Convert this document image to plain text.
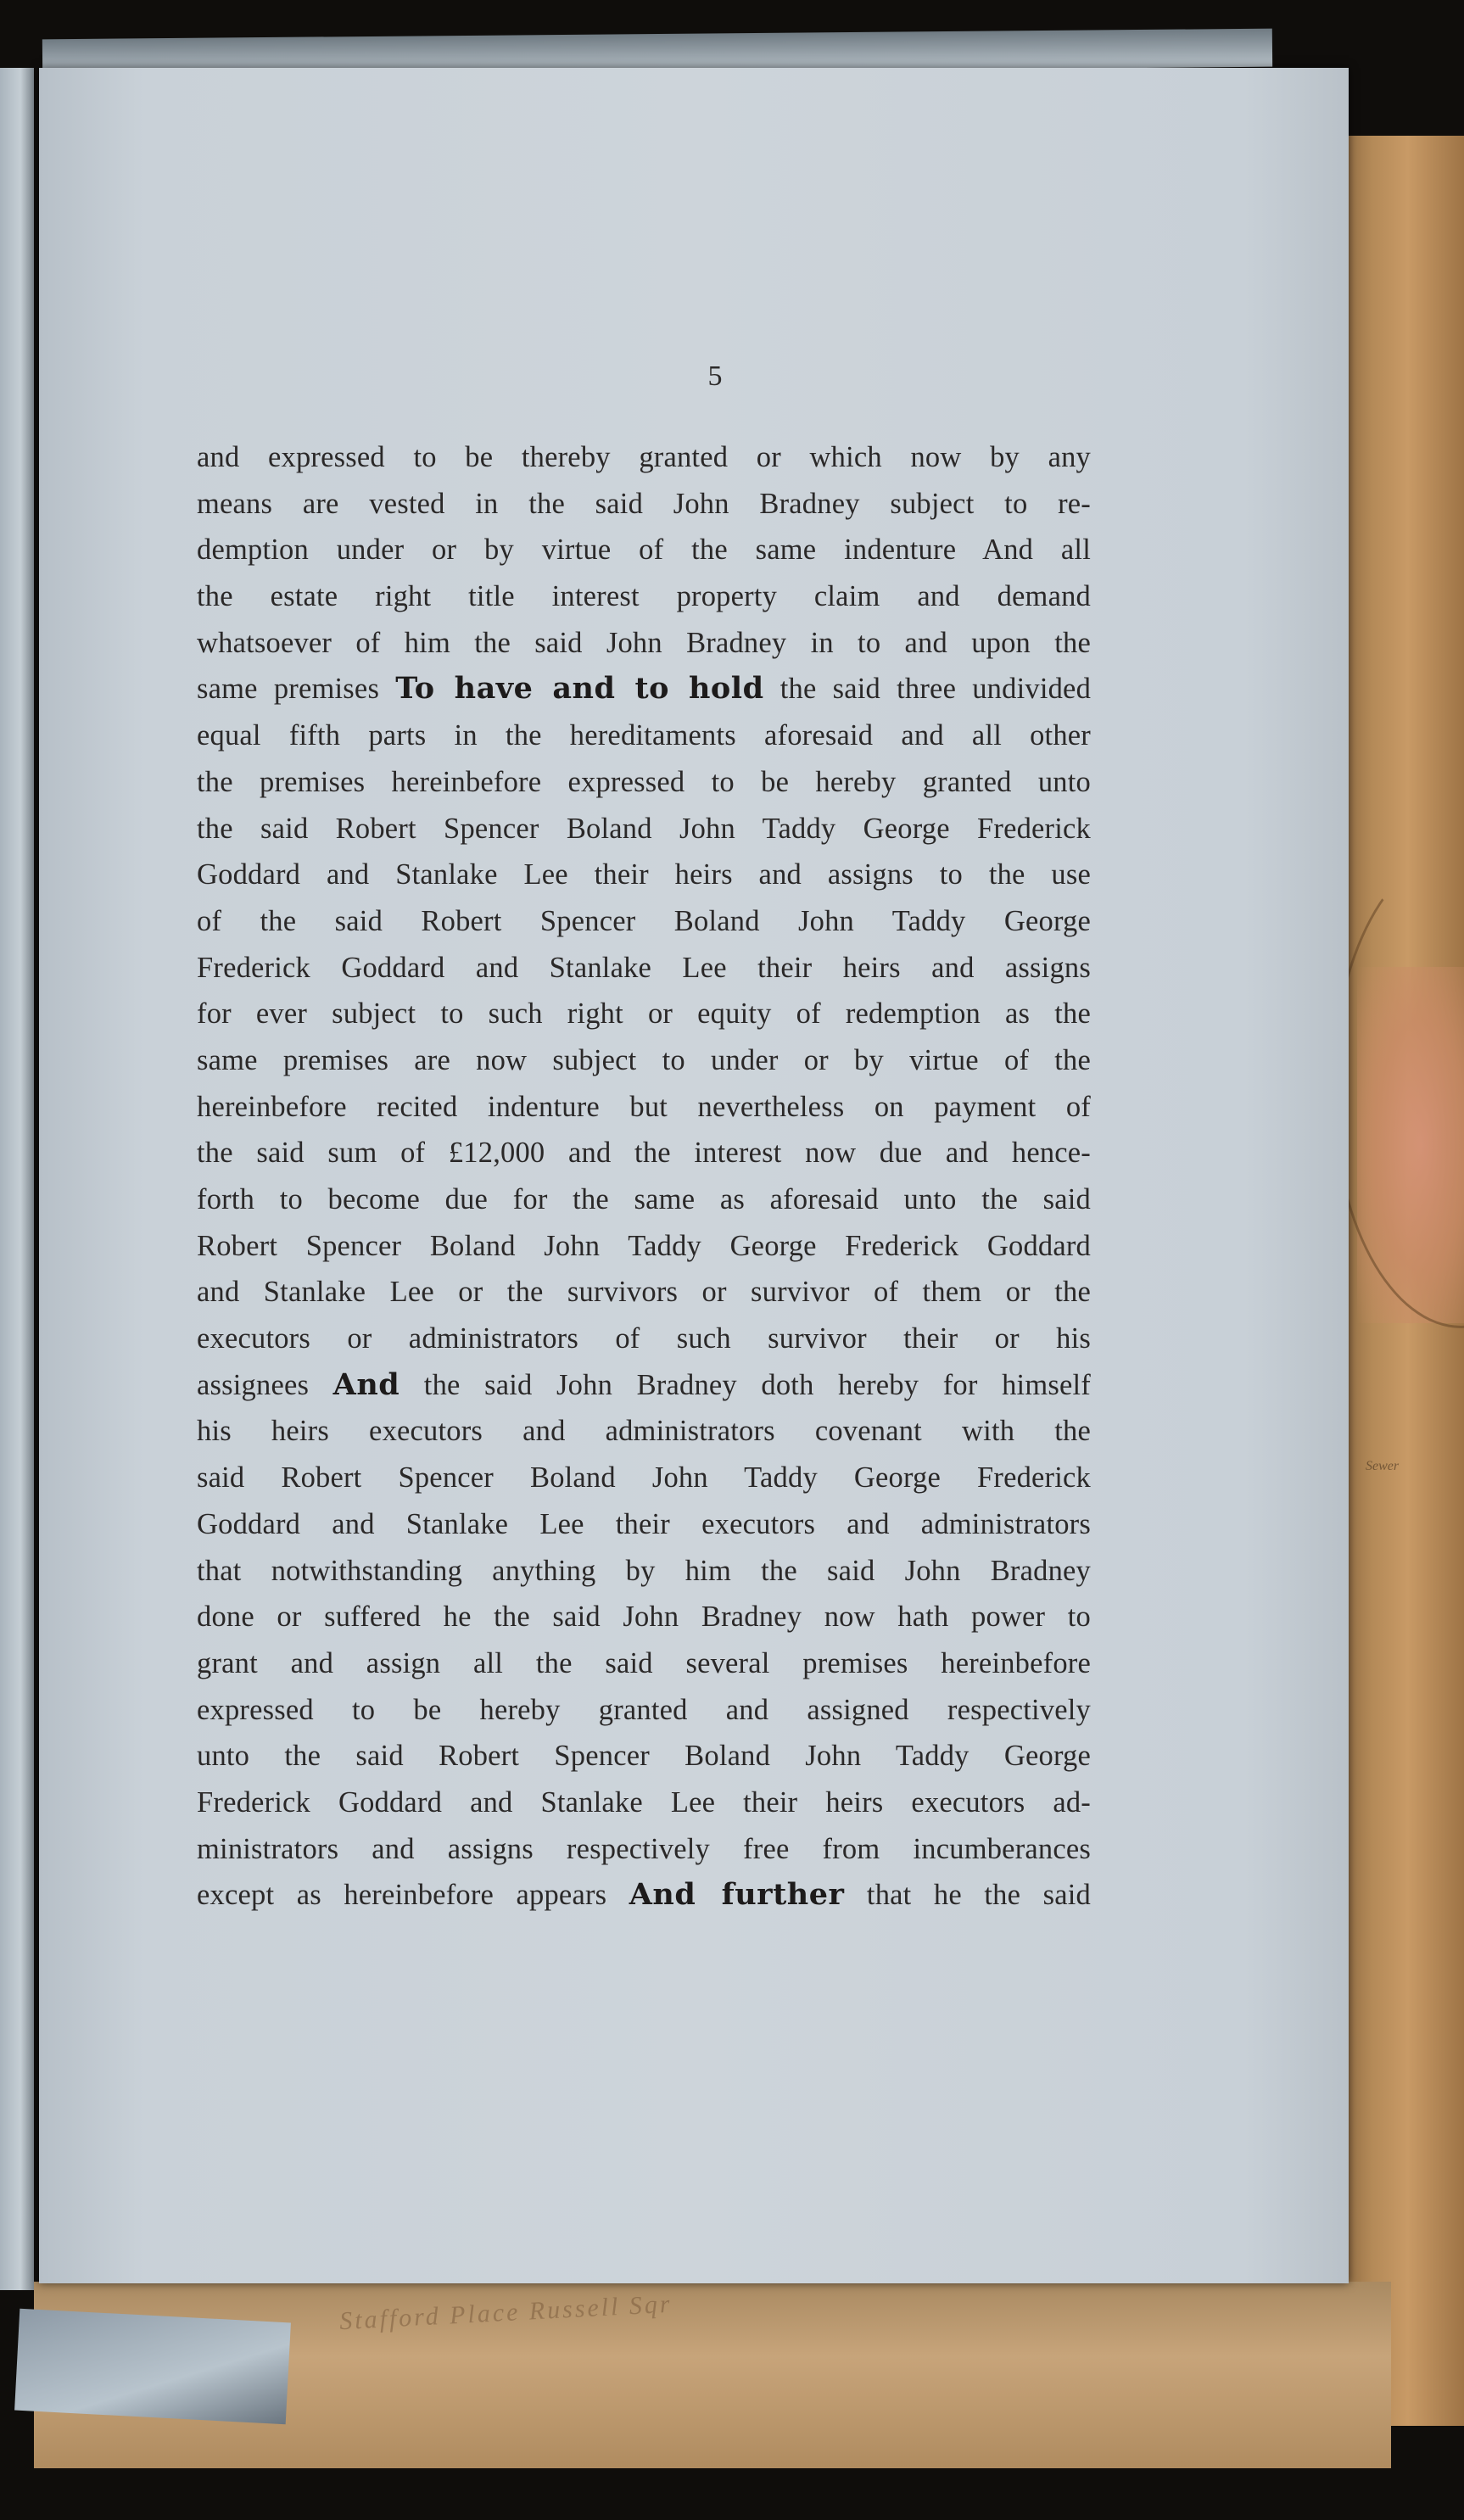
Sewer
Stafford Place Russell Sqr
5
and expressed to be thereby granted or which now by any
means are vested in the said John Bradney subject to re-
demption under or by virtue of the same indenture And all
the estate right title interest property claim and demand
whatsoever of him the said John Bradney in to and upon the
same premises To have and to hold the said three undivided
equal fifth parts in the hereditaments aforesaid and all other
the premises hereinbefore expressed to be hereby granted unto
the said Robert Spencer Boland John Taddy George Frederick
Goddard and Stanlake Lee their heirs and assigns to the use
of the said Robert Spencer Boland John Taddy George
Frederick Goddard and Stanlake Lee their heirs and assigns
for ever subject to such right or equity of redemption as the
same premises are now subject to under or by virtue of the
hereinbefore recited indenture but nevertheless on payment of
the said sum of £12,000 and the interest now due and hence-
forth to become due for the same as aforesaid unto the said
Robert Spencer Boland John Taddy George Frederick Goddard
and Stanlake Lee or the survivors or survivor of them or the
executors or administrators of such survivor their or his
assignees And the said John Bradney doth hereby for himself
his heirs executors and administrators covenant with the
said Robert Spencer Boland John Taddy George Frederick
Goddard and Stanlake Lee their executors and administrators
that notwithstanding anything by him the said John Bradney
done or suffered he the said John Bradney now hath power to
grant and assign all the said several premises hereinbefore
expressed to be hereby granted and assigned respectively
unto the said Robert Spencer Boland John Taddy George
Frederick Goddard and Stanlake Lee their heirs executors ad-
ministrators and assigns respectively free from incumberances
except as hereinbefore appears And further that he the said
